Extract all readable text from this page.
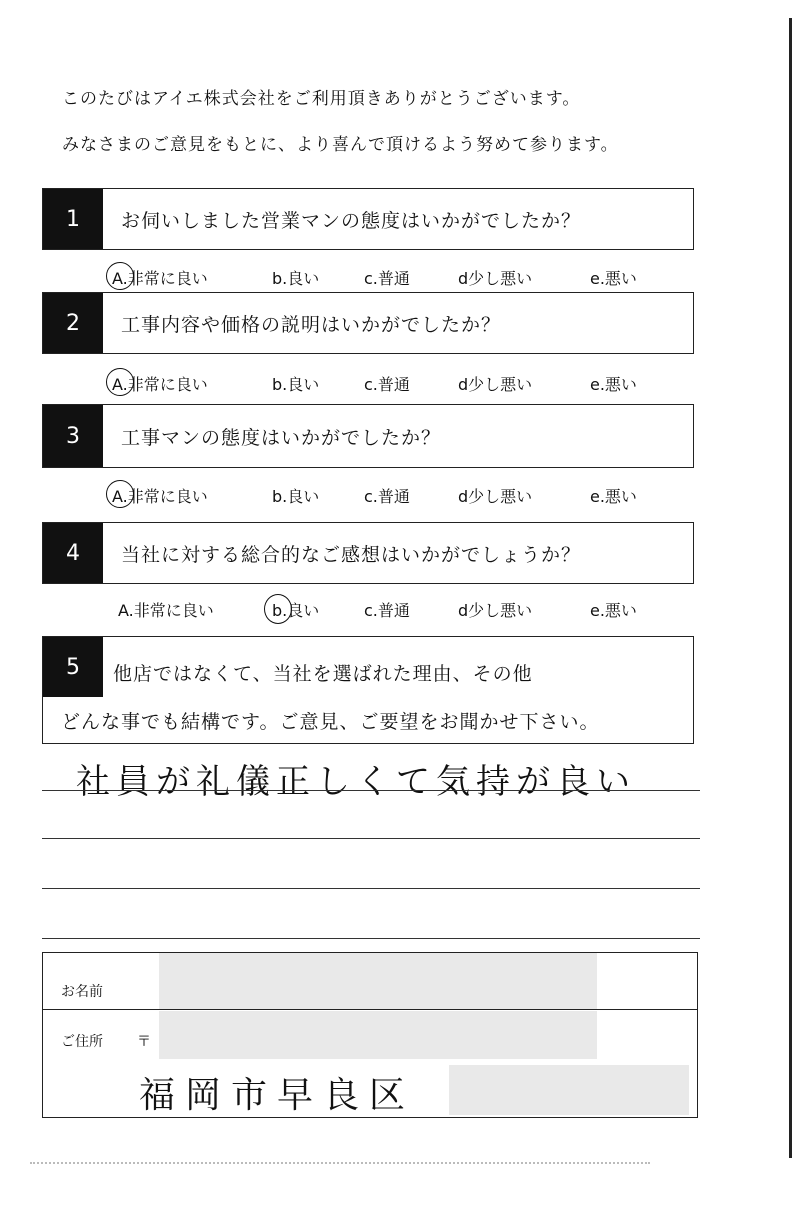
このたびはアイエ株式会社をご利用頂きありがとうございます。
みなさまのご意見をもとに、より喜んで頂けるよう努めて参ります。
1	お伺いしました営業マンの態度はいかがでしたか？
A.非常に良い	b.良い	c.普通	d少し悪い	e.悪い
2	工事内容や価格の説明はいかがでしたか？
A.非常に良い	b.良い	c.普通	d少し悪い	e.悪い
3	工事マンの態度はいかがでしたか？
A.非常に良い	b.良い	c.普通	d少し悪い	e.悪い
4	当社に対する総合的なご感想はいかがでしょうか？
A.非常に良い	b.良い	c.普通	d少し悪い	e.悪い
5	他店ではなくて、当社を選ばれた理由、その他
どんな事でも結構です。ご意見、ご要望をお聞かせ下さい。
社員が礼儀正しくて気持が良い
お名前
ご住所 〒
福岡市早良区
